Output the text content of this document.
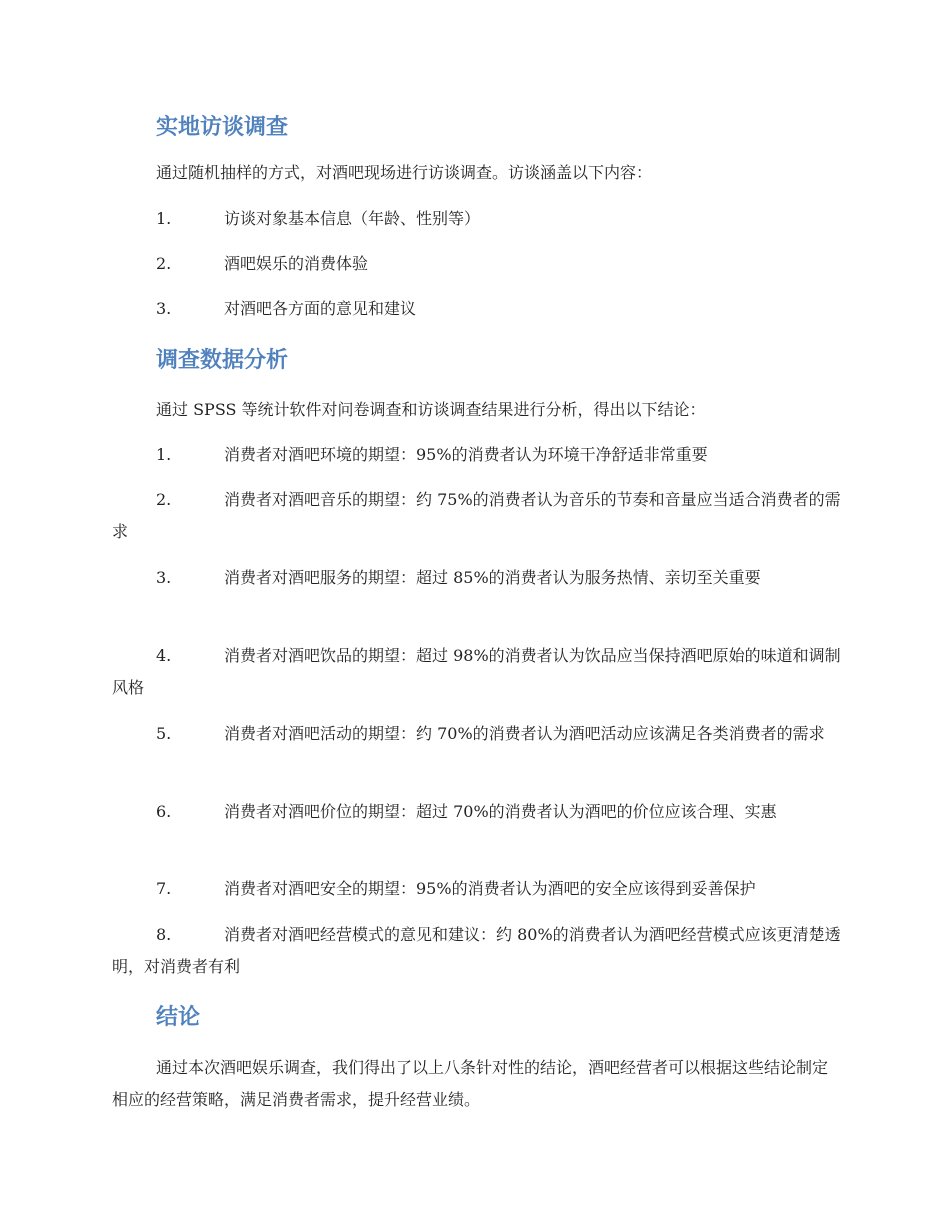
实地访谈调查

通过随机抽样的方式，对酒吧现场进行访谈调查。访谈涵盖以下内容：

1.	访谈对象基本信息（年龄、性别等）

2.	酒吧娱乐的消费体验

3.	对酒吧各方面的意见和建议

调查数据分析

通过 SPSS 等统计软件对问卷调查和访谈调查结果进行分析，得出以下结论：

1.	消费者对酒吧环境的期望：95%的消费者认为环境干净舒适非常重要

2.	消费者对酒吧音乐的期望：约 75%的消费者认为音乐的节奏和音量应当适合消费者的需求

3.	消费者对酒吧服务的期望：超过 85%的消费者认为服务热情、亲切至关重要

4.	消费者对酒吧饮品的期望：超过 98%的消费者认为饮品应当保持酒吧原始的味道和调制风格

5.	消费者对酒吧活动的期望：约 70%的消费者认为酒吧活动应该满足各类消费者的需求

6.	消费者对酒吧价位的期望：超过 70%的消费者认为酒吧的价位应该合理、实惠

7.	消费者对酒吧安全的期望：95%的消费者认为酒吧的安全应该得到妥善保护

8.	消费者对酒吧经营模式的意见和建议：约 80%的消费者认为酒吧经营模式应该更清楚透明，对消费者有利

结论

通过本次酒吧娱乐调查，我们得出了以上八条针对性的结论，酒吧经营者可以根据这些结论制定相应的经营策略，满足消费者需求，提升经营业绩。
